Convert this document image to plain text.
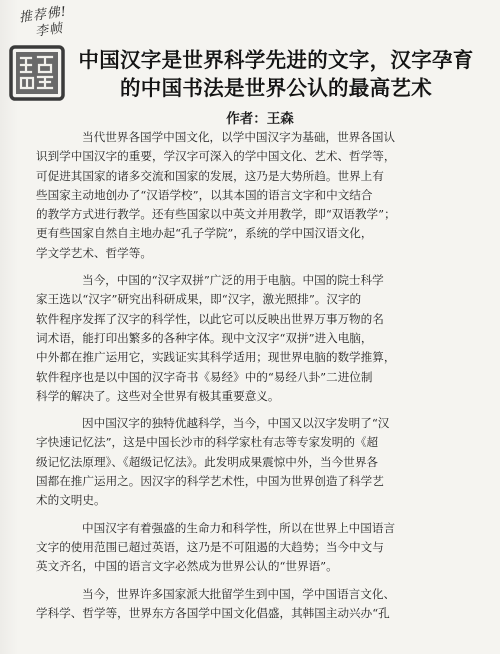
推荐佛!
李帧
中国汉字是世界科学先进的文字，汉字孕育
的中国书法是世界公认的最高艺术
作者：王森

当代世界各国学中国文化，以学中国汉字为基础，世界各国认
识到学中国汉字的重要，学汉字可深入的学中国文化、艺术、哲学等，
可促进其国家的诸多交流和国家的发展，这乃是大势所趋。世界上有
些国家主动地创办了“汉语学校”，以其本国的语言文字和中文结合
的教学方式进行教学。还有些国家以中英文并用教学，即“双语教学”；
更有些国家自然自主地办起“孔子学院”，系统的学中国汉语文化，
学文学艺术、哲学等。

当今，中国的“汉字双拼”广泛的用于电脑。中国的院士科学
家王选以“汉字”研究出科研成果，即“汉字，激光照排”。汉字的
软件程序发挥了汉字的科学性，以此它可以反映出世界万事万物的名
词术语，能打印出繁多的各种字体。现中文汉字“双拼”进入电脑，
中外都在推广运用它，实践证实其科学适用；现世界电脑的数学推算，
软件程序也是以中国的汉字奇书《易经》中的“易经八卦”二进位制
科学的解决了。这些对全世界有极其重要意义。

因中国汉字的独特优越科学，当今，中国又以汉字发明了“汉
字快速记忆法”，这是中国长沙市的科学家杜有志等专家发明的《超
级记忆法原理》、《超级记忆法》。此发明成果震惊中外，当今世界各
国都在推广运用之。因汉字的科学艺术性，中国为世界创造了科学艺
术的文明史。

中国汉字有着强盛的生命力和科学性，所以在世界上中国语言
文字的使用范围已超过英语，这乃是不可阻遏的大趋势；当今中文与
英文齐名，中国的语言文字必然成为世界公认的“世界语”。

当今，世界许多国家派大批留学生到中国，学中国语言文化、
学科学、哲学等，世界东方各国学中国文化倡盛，其韩国主动兴办“孔
